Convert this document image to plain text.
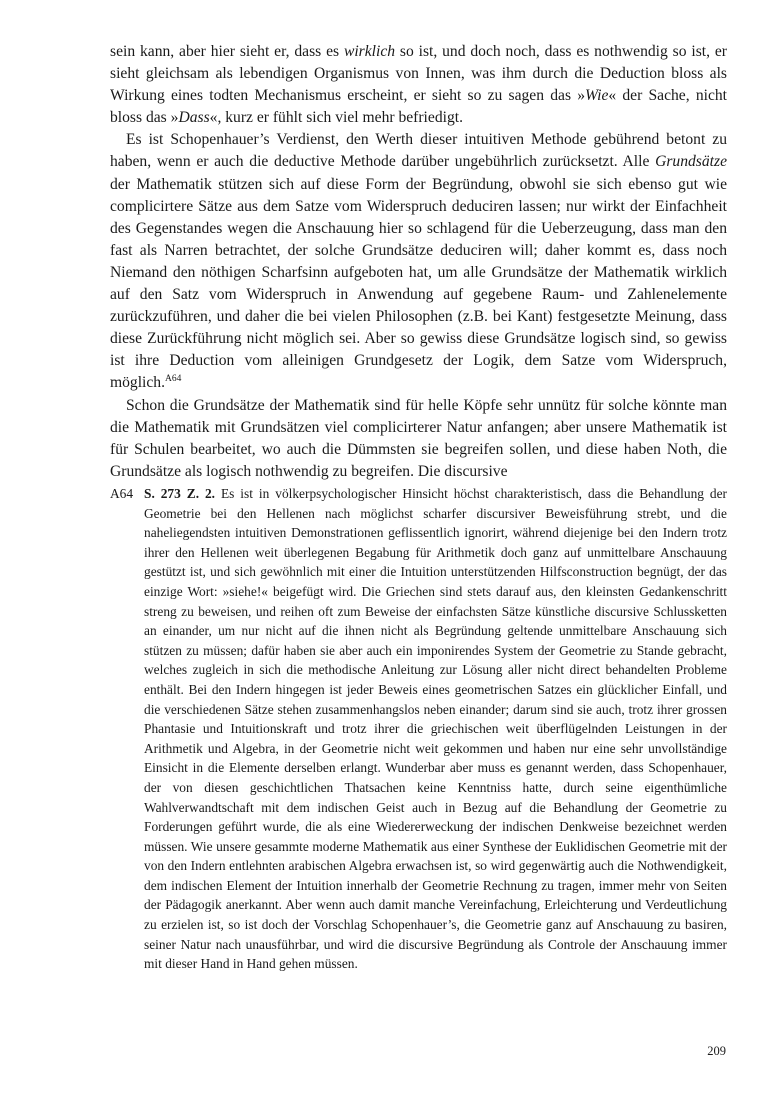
sein kann, aber hier sieht er, dass es wirklich so ist, und doch noch, dass es nothwendig so ist, er sieht gleichsam als lebendigen Organismus von Innen, was ihm durch die Deduction bloss als Wirkung eines todten Mechanismus erscheint, er sieht so zu sagen das »Wie« der Sache, nicht bloss das »Dass«, kurz er fühlt sich viel mehr befriedigt.

Es ist Schopenhauer’s Verdienst, den Werth dieser intuitiven Methode gebührend betont zu haben, wenn er auch die deductive Methode darüber ungebührlich zurücksetzt. Alle Grundsätze der Mathematik stützen sich auf diese Form der Begründung, obwohl sie sich ebenso gut wie complicirtere Sätze aus dem Satze vom Widerspruch deduciren lassen; nur wirkt der Einfachheit des Gegenstandes wegen die Anschauung hier so schlagend für die Ueberzeugung, dass man den fast als Narren betrachtet, der solche Grundsätze deduciren will; daher kommt es, dass noch Niemand den nöthigen Scharfsinn aufgeboten hat, um alle Grundsätze der Mathematik wirklich auf den Satz vom Widerspruch in Anwendung auf gegebene Raum- und Zahlenelemente zurückzuführen, und daher die bei vielen Philosophen (z.B. bei Kant) festgesetzte Meinung, dass diese Zurückführung nicht möglich sei. Aber so gewiss diese Grundsätze logisch sind, so gewiss ist ihre Deduction vom alleinigen Grundgesetz der Logik, dem Satze vom Widerspruch, möglich.$^{A64}$

Schon die Grundsätze der Mathematik sind für helle Köpfe sehr unnütz für solche könnte man die Mathematik mit Grundsätzen viel complicirterer Natur anfangen; aber unsere Mathematik ist für Schulen bearbeitet, wo auch die Dümmsten sie begreifen sollen, und diese haben Noth, die Grundsätze als logisch nothwendig zu begreifen. Die discursive

A64 S. 273 Z. 2. Es ist in völkerpsychologischer Hinsicht höchst charakteristisch, dass die Behandlung der Geometrie bei den Hellenen nach möglichst scharfer discursiver Beweisführung strebt, und die naheliegendsten intuitiven Demonstrationen geflissentlich ignorirt, während diejenige bei den Indern trotz ihrer den Hellenen weit überlegenen Begabung für Arithmetik doch ganz auf unmittelbare Anschauung gestützt ist, und sich gewöhnlich mit einer die Intuition unterstützenden Hilfsconstruction begnügt, der das einzige Wort: »siehe!« beigefügt wird. Die Griechen sind stets darauf aus, den kleinsten Gedankenschritt streng zu beweisen, und reihen oft zum Beweise der einfachsten Sätze künstliche discursive Schlussketten an einander, um nur nicht auf die ihnen nicht als Begründung geltende unmittelbare Anschauung sich stützen zu müssen; dafür haben sie aber auch ein imponirendes System der Geometrie zu Stande gebracht, welches zugleich in sich die methodische Anleitung zur Lösung aller nicht direct behandelten Probleme enthält. Bei den Indern hingegen ist jeder Beweis eines geometrischen Satzes ein glücklicher Einfall, und die verschiedenen Sätze stehen zusammenhangslos neben einander; darum sind sie auch, trotz ihrer grossen Phantasie und Intuitionskraft und trotz ihrer die griechischen weit überflügelnden Leistungen in der Arithmetik und Algebra, in der Geometrie nicht weit gekommen und haben nur eine sehr unvollständige Einsicht in die Elemente derselben erlangt. Wunderbar aber muss es genannt werden, dass Schopenhauer, der von diesen geschichtlichen Thatsachen keine Kenntniss hatte, durch seine eigenthümliche Wahlverwandtschaft mit dem indischen Geist auch in Bezug auf die Behandlung der Geometrie zu Forderungen geführt wurde, die als eine Wiedererweckung der indischen Denkweise bezeichnet werden müssen. Wie unsere gesammte moderne Mathematik aus einer Synthese der Euklidischen Geometrie mit der von den Indern entlehnten arabischen Algebra erwachsen ist, so wird gegenwärtig auch die Nothwendigkeit, dem indischen Element der Intuition innerhalb der Geometrie Rechnung zu tragen, immer mehr von Seiten der Pädagogik anerkannt. Aber wenn auch damit manche Vereinfachung, Erleichterung und Verdeutlichung zu erzielen ist, so ist doch der Vorschlag Schopenhauer’s, die Geometrie ganz auf Anschauung zu basiren, seiner Natur nach unausführbar, und wird die discursive Begründung als Controle der Anschauung immer mit dieser Hand in Hand gehen müssen.
209
